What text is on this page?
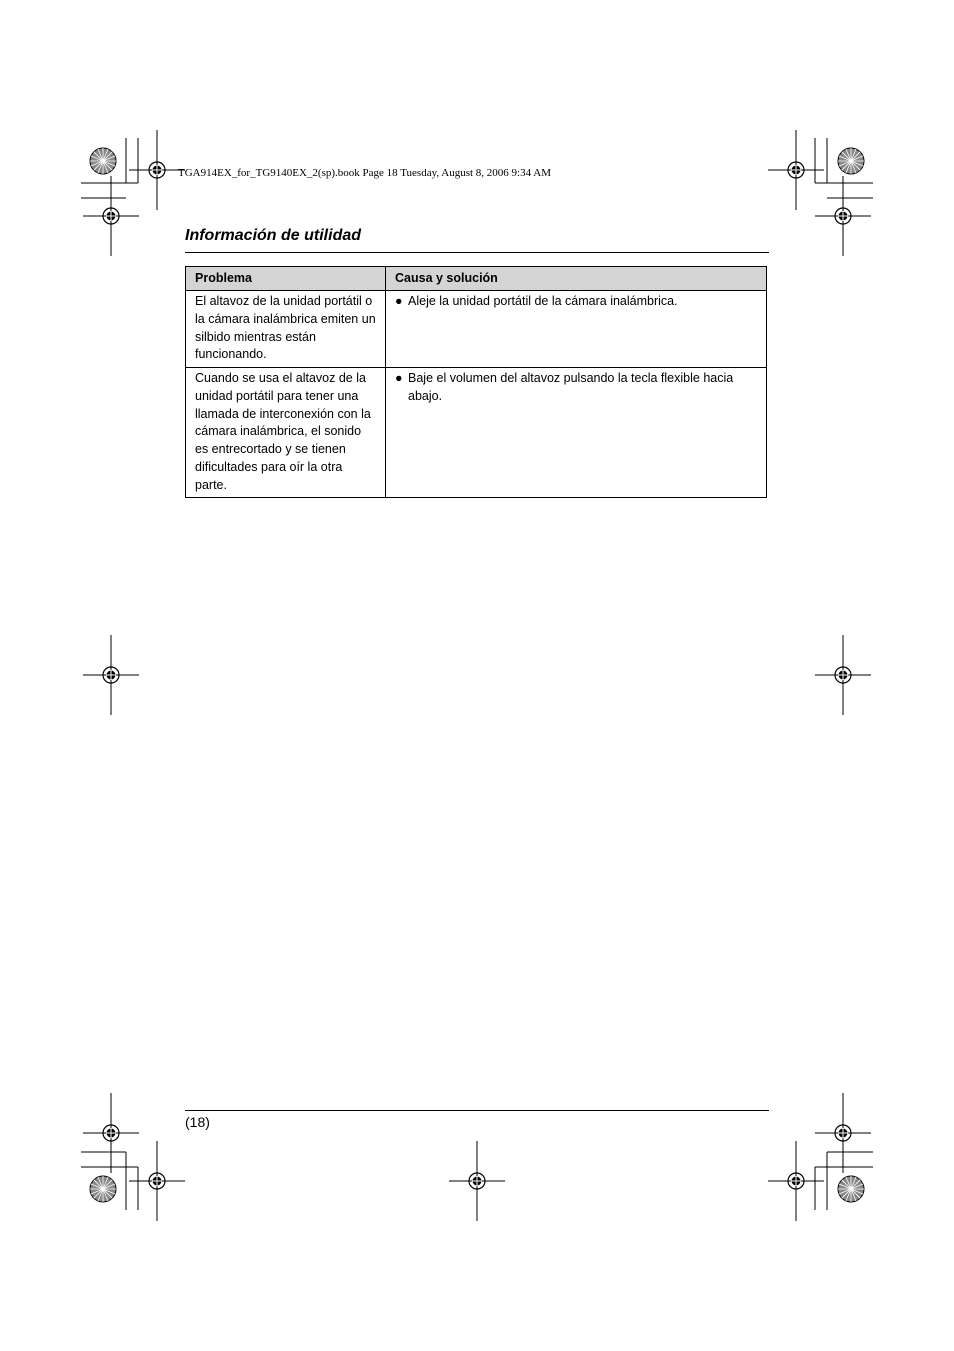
TGA914EX_for_TG9140EX_2(sp).book Page 18 Tuesday, August 8, 2006 9:34 AM
Información de utilidad
Problema	Causa y solución
El altavoz de la unidad portátil o la cámara inalámbrica emiten un silbido mientras están funcionando.	● Aleje la unidad portátil de la cámara inalámbrica.

Cuando se usa el altavoz de la unidad portátil para tener una llamada de interconexión con la cámara inalámbrica, el sonido es entrecortado y se tienen dificultades para oír la otra parte.	● Baje el volumen del altavoz pulsando la tecla flexible hacia abajo.
(18)
